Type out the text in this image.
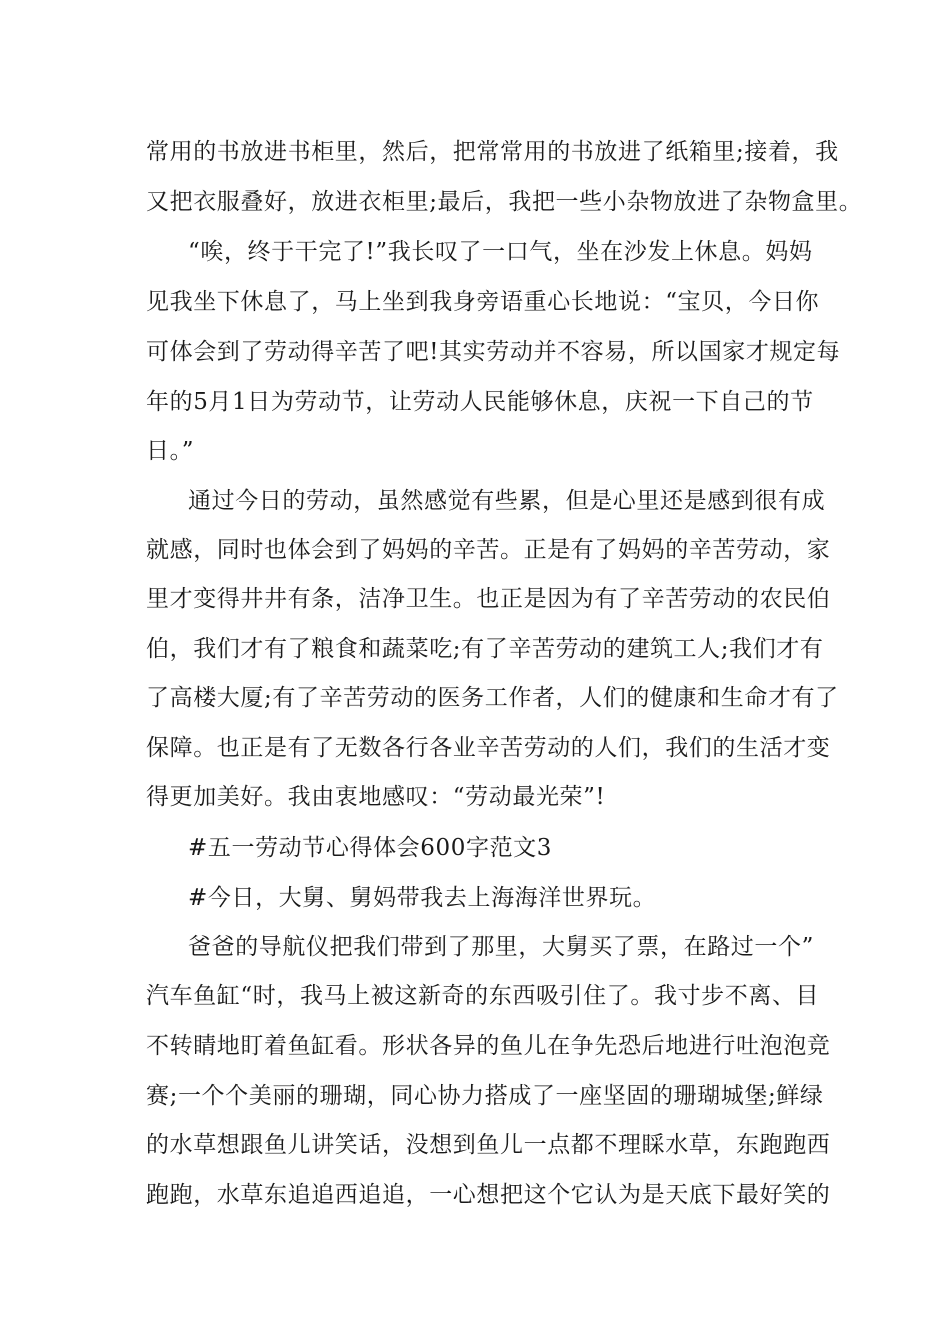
常用的书放进书柜里，然后，把常常用的书放进了纸箱里;接着，我
又把衣服叠好，放进衣柜里;最后，我把一些小杂物放进了杂物盒里。
“唉，终于干完了!”我长叹了一口气，坐在沙发上休息。妈妈
见我坐下休息了，马上坐到我身旁语重心长地说：“宝贝，今日你
可体会到了劳动得辛苦了吧!其实劳动并不容易，所以国家才规定每
年的5月1日为劳动节，让劳动人民能够休息，庆祝一下自己的节
日。”
通过今日的劳动，虽然感觉有些累，但是心里还是感到很有成
就感，同时也体会到了妈妈的辛苦。正是有了妈妈的辛苦劳动，家
里才变得井井有条，洁净卫生。也正是因为有了辛苦劳动的农民伯
伯，我们才有了粮食和蔬菜吃;有了辛苦劳动的建筑工人;我们才有
了高楼大厦;有了辛苦劳动的医务工作者，人们的健康和生命才有了
保障。也正是有了无数各行各业辛苦劳动的人们，我们的生活才变
得更加美好。我由衷地感叹：“劳动最光荣”!
#五一劳动节心得体会600字范文3
#今日，大舅、舅妈带我去上海海洋世界玩。
爸爸的导航仪把我们带到了那里，大舅买了票，在路过一个”
汽车鱼缸“时，我马上被这新奇的东西吸引住了。我寸步不离、目
不转睛地盯着鱼缸看。形状各异的鱼儿在争先恐后地进行吐泡泡竞
赛;一个个美丽的珊瑚，同心协力搭成了一座坚固的珊瑚城堡;鲜绿
的水草想跟鱼儿讲笑话，没想到鱼儿一点都不理睬水草，东跑跑西
跑跑，水草东追追西追追，一心想把这个它认为是天底下最好笑的
